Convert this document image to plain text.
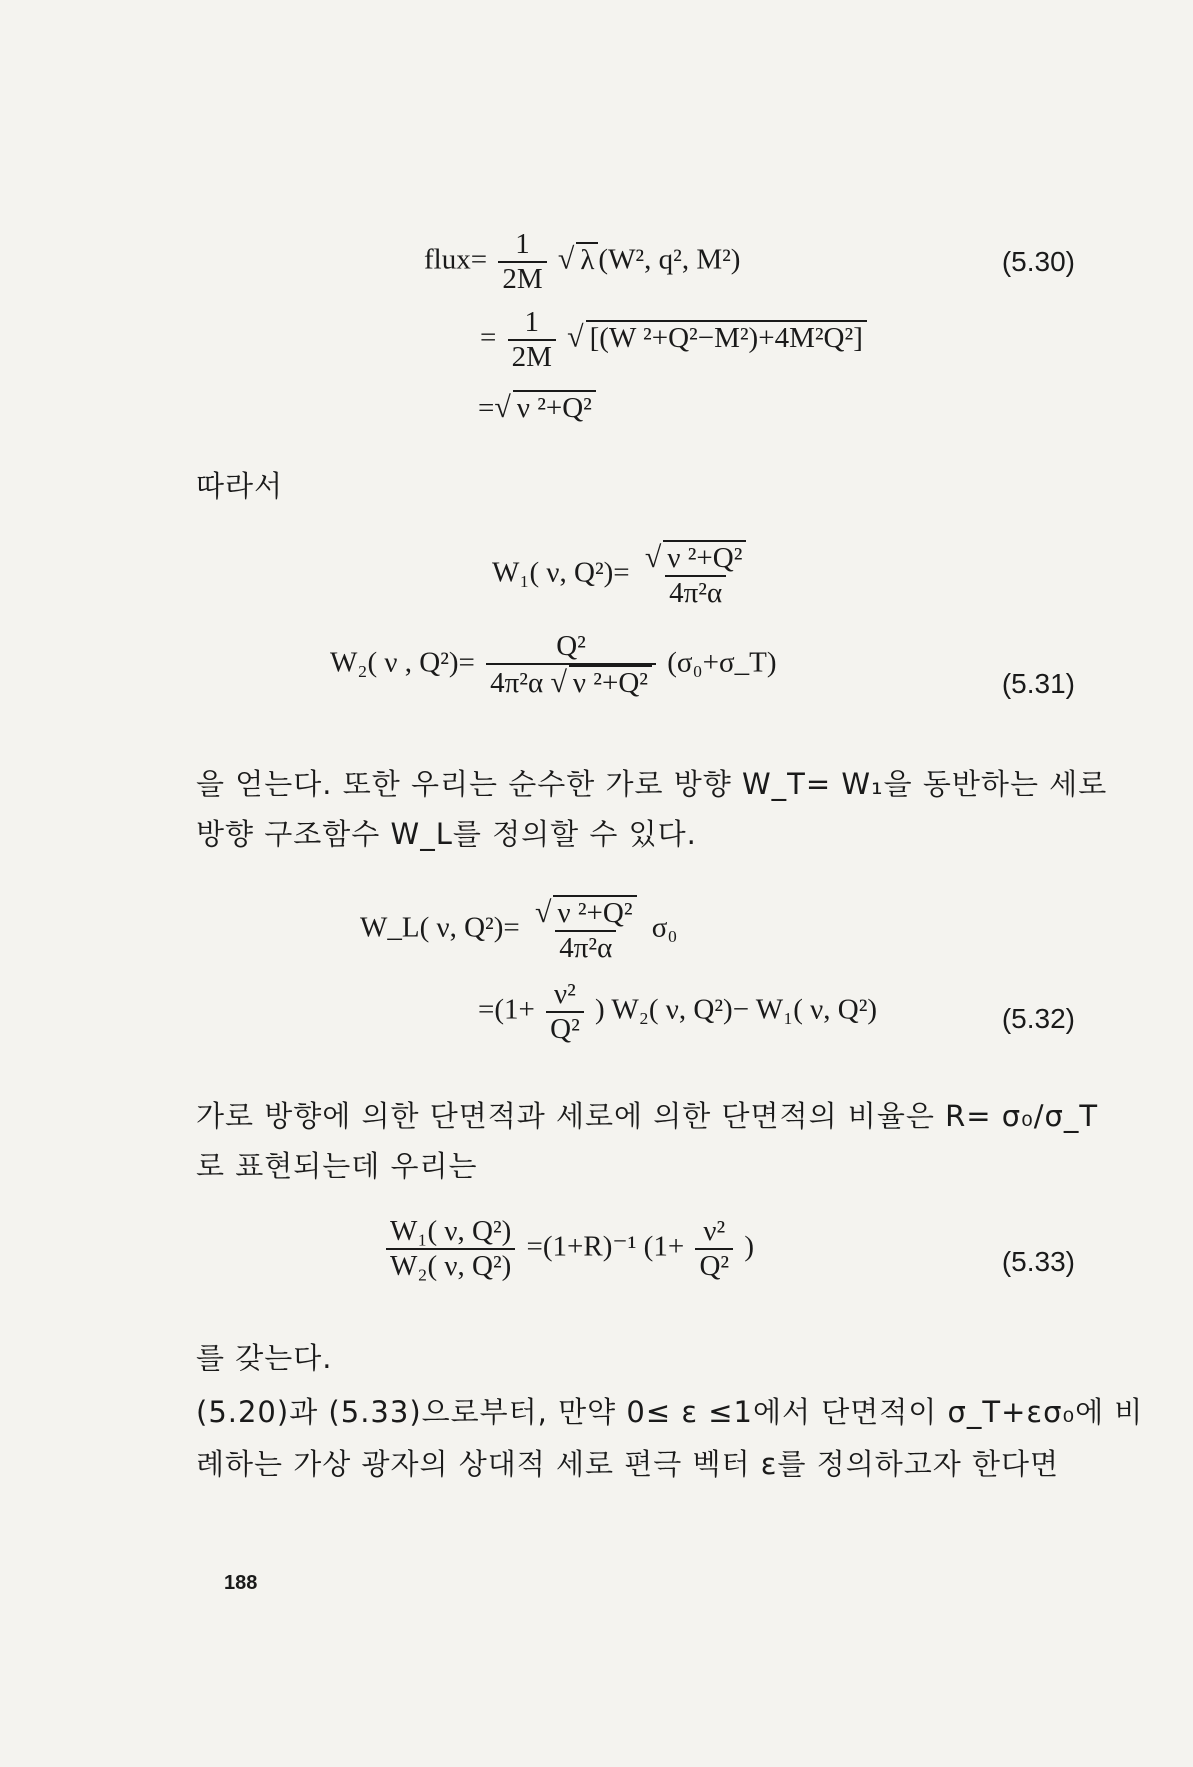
flux= $\frac{1}{2M}$ √ λ (W², q², M²)	(5.30)
= $\frac{1}{2M}$ √ [(W ²+Q²−M²)+4M²Q²]
=√ ν ²+Q²
따라서
W₁( ν, $Q^2)= \frac{\text{√ ν ²+Q²}}{\text{4π²α}}$
W₂( ν , $Q^2)= \frac{\text{Q²}}{\text{4π²α √ ν ²+Q²}}$ (σ₀+σ_T)
(5.31)
을 얻는다. 또한 우리는 순수한 가로 방향 W_T= W₁을 동반하는 세로
방향 구조함수 W_L를 정의할 수 있다.
W_L( ν, $Q^2)= \frac{\text{√ ν ²+Q²}}{\text{4π²α}} \sigma_0$
$=(1+ \frac{\text{ν²}}{\text{Q²}}$ ) W₂( ν, Q²)− W₁( ν, Q²)	(5.32)
가로 방향에 의한 단면적과 세로에 의한 단면적의 비율은 R= σ₀/σ_T
로 표현되는데 우리는
$\frac{\text{W₁( ν, Q²)}}{\text{W₂( ν, Q²)}} =(1+R)^{-1}$ ($1+ \frac{\text{ν²}}{\text{Q²}}$ )	(5.33)
를 갖는다.
(5.20)과 (5.33)으로부터, 만약 0≤ ε ≤1에서 단면적이 σ_T+εσ₀에 비
례하는 가상 광자의 상대적 세로 편극 벡터 ε를 정의하고자 한다면
188
